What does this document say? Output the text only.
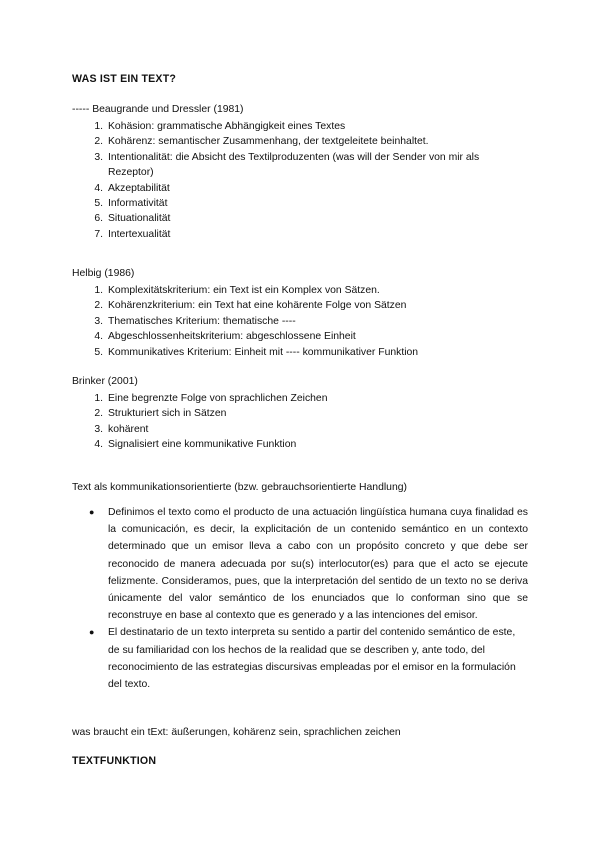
WAS IST EIN TEXT?
----- Beaugrande und Dressler (1981)
1. Kohäsion: grammatische Abhängigkeit eines Textes
2. Kohärenz: semantischer Zusammenhang, der textgeleitete beinhaltet.
3. Intentionalität: die Absicht des Textilproduzenten (was will der Sender von mir als Rezeptor)
4. Akzeptabilität
5. Informativität
6. Situationalität
7. Intertexualität
Helbig (1986)
1. Komplexitätskriterium: ein Text ist ein Komplex von Sätzen.
2. Kohärenzkriterium: ein Text hat eine kohärente Folge von Sätzen
3. Thematisches Kriterium: thematische ----
4. Abgeschlossenheitskriterium: abgeschlossene Einheit
5. Kommunikatives Kriterium: Einheit mit ---- kommunikativer Funktion
Brinker (2001)
1. Eine begrenzte Folge von sprachlichen Zeichen
2. Strukturiert sich in Sätzen
3. kohärent
4. Signalisiert eine kommunikative Funktion
Text als kommunikationsorientierte (bzw. gebrauchsorientierte Handlung)
● Definimos el texto como el producto de una actuación lingüística humana cuya finalidad es la comunicación, es decir, la explicitación de un contenido semántico en un contexto determinado que un emisor lleva a cabo con un propósito concreto y que debe ser reconocido de manera adecuada por su(s) interlocutor(es) para que el acto se ejecute felizmente. Consideramos, pues, que la interpretación del sentido de un texto no se deriva únicamente del valor semántico de los enunciados que lo conforman sino que se reconstruye en base al contexto que es generado y a las intenciones del emisor.
● El destinatario de un texto interpreta su sentido a partir del contenido semántico de este, de su familiaridad con los hechos de la realidad que se describen y, ante todo, del reconocimiento de las estrategias discursivas empleadas por el emisor en la formulación del texto.
was braucht ein tExt: äußerungen, kohärenz sein, sprachlichen zeichen
TEXTFUNKTION
